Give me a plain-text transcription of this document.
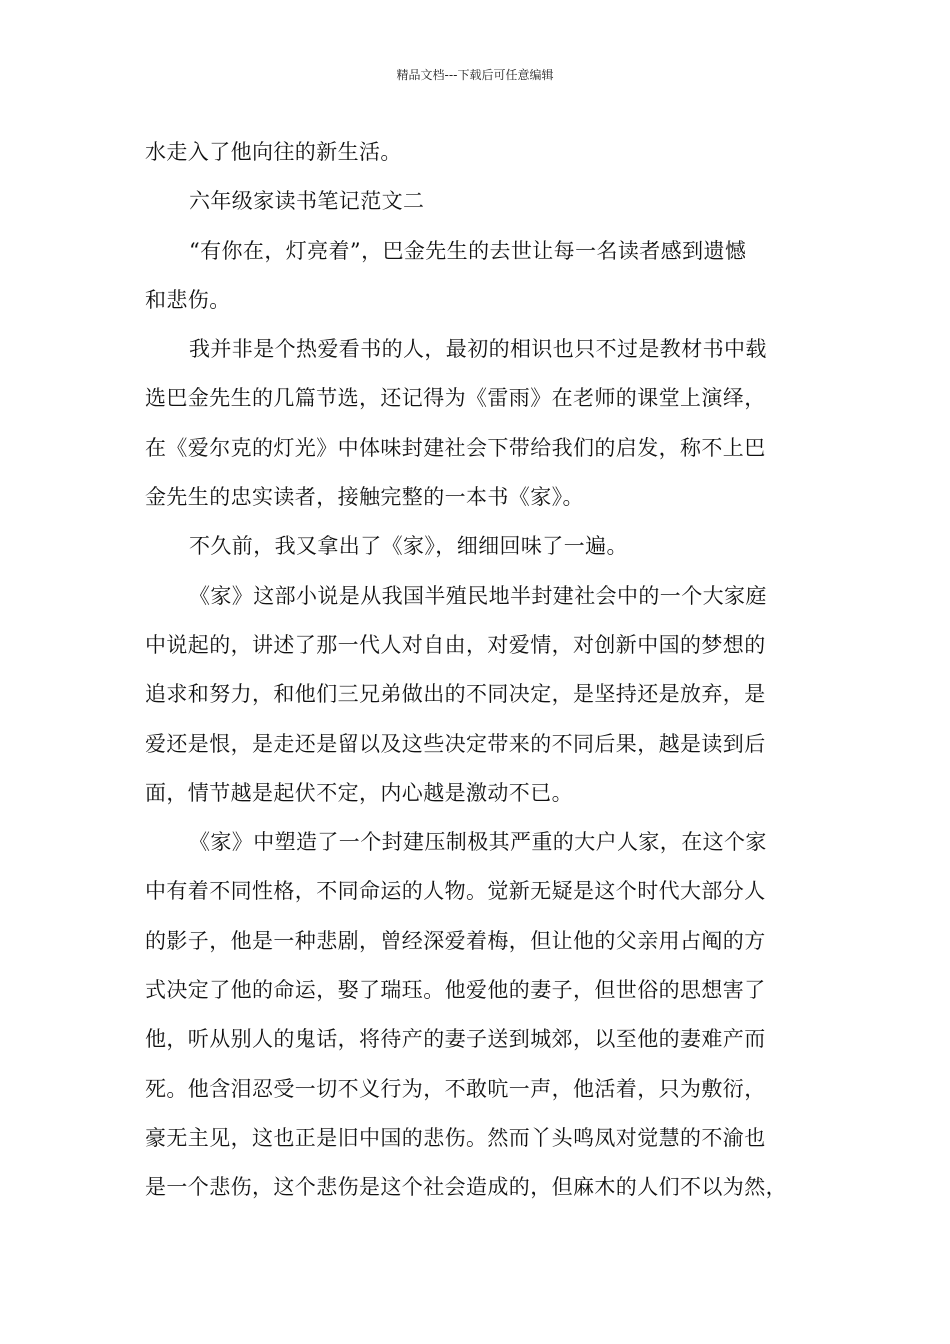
精品文档---下载后可任意编辑
水走入了他向往的新生活。
六年级家读书笔记范文二
“有你在，灯亮着”，巴金先生的去世让每一名读者感到遗憾
和悲伤。
我并非是个热爱看书的人，最初的相识也只不过是教材书中载
选巴金先生的几篇节选，还记得为《雷雨》在老师的课堂上演绎，
在《爱尔克的灯光》中体味封建社会下带给我们的启发，称不上巴
金先生的忠实读者，接触完整的一本书《家》。
不久前，我又拿出了《家》，细细回味了一遍。
《家》这部小说是从我国半殖民地半封建社会中的一个大家庭
中说起的，讲述了那一代人对自由，对爱情，对创新中国的梦想的
追求和努力，和他们三兄弟做出的不同决定，是坚持还是放弃，是
爱还是恨，是走还是留以及这些决定带来的不同后果，越是读到后
面，情节越是起伏不定，内心越是激动不已。
《家》中塑造了一个封建压制极其严重的大户人家，在这个家
中有着不同性格，不同命运的人物。觉新无疑是这个时代大部分人
的影子，他是一种悲剧，曾经深爱着梅，但让他的父亲用占阄的方
式决定了他的命运，娶了瑞珏。他爱他的妻子，但世俗的思想害了
他，听从别人的鬼话，将待产的妻子送到城郊，以至他的妻难产而
死。他含泪忍受一切不义行为，不敢吭一声，他活着，只为敷衍，
豪无主见，这也正是旧中国的悲伤。然而丫头鸣凤对觉慧的不渝也
是一个悲伤，这个悲伤是这个社会造成的，但麻木的人们不以为然，
